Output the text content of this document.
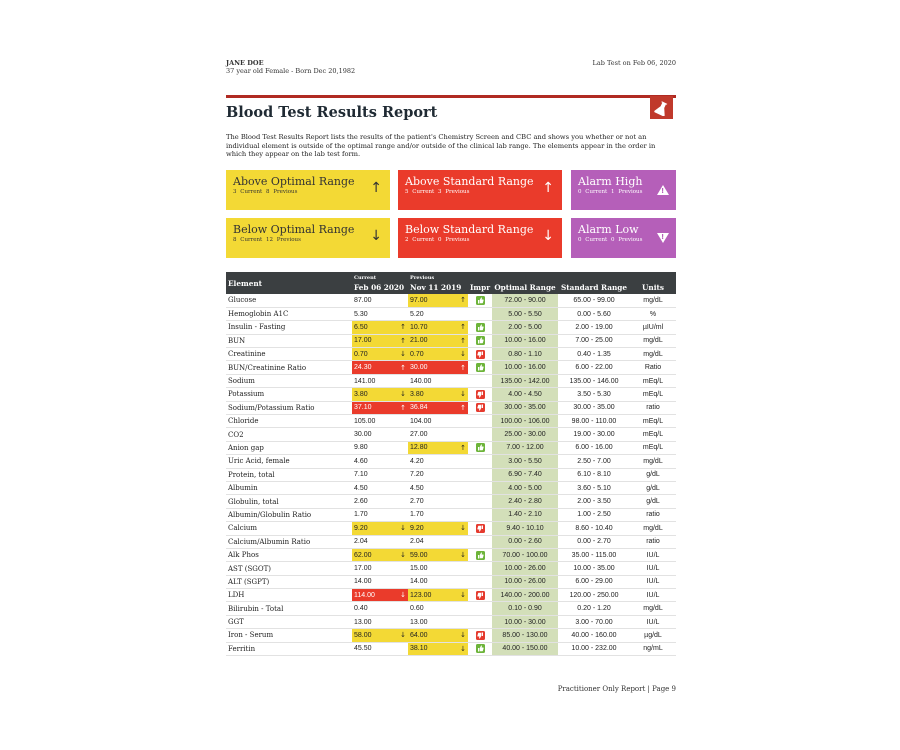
JANE DOE
37 year old Female - Born Dec 20,1982
Lab Test on Feb 06, 2020
Blood Test Results Report
The Blood Test Results Report lists the results of the patient's Chemistry Screen and CBC and shows you whether or not an individual element is outside of the optimal range and/or outside of the clinical lab range. The elements appear in the order in which they appear on the lab test form.
Above Optimal Range
3 Current 8 Previous	↑ Above Standard Range
5 Current 3 Previous	↑ Alarm High
0 Current 1 Previous
!
Below Optimal Range
8 Current 12 Previous	↓ Below Standard Range
2 Current 0 Previous	↓ Alarm Low
0 Current 0 Previous
!
Element	Current	Previous				
	Feb 06 2020	Nov 11 2019	Impr	Optimal Range	Standard Range	Units
Glucose	87.00	97.00 ↑		72.00 - 90.00	65.00 - 99.00	mg/dL
Hemoglobin A1C	5.30	5.20		5.00 - 5.50	0.00 - 5.60	%
Insulin - Fasting	6.50 ↑	10.70 ↑		2.00 - 5.00	2.00 - 19.00	µIU/ml
BUN	17.00 ↑	21.00 ↑		10.00 - 16.00	7.00 - 25.00	mg/dL
Creatinine	0.70 ↓	0.70 ↓		0.80 - 1.10	0.40 - 1.35	mg/dL
BUN/Creatinine Ratio	24.30 ↑	30.00 ↑		10.00 - 16.00	6.00 - 22.00	Ratio
Sodium	141.00	140.00		135.00 - 142.00	135.00 - 146.00	mEq/L
Potassium	3.80 ↓	3.80 ↓		4.00 - 4.50	3.50 - 5.30	mEq/L
Sodium/Potassium Ratio	37.10 ↑	36.84 ↑		30.00 - 35.00	30.00 - 35.00	ratio
Chloride	105.00	104.00		100.00 - 106.00	98.00 - 110.00	mEq/L
CO2	30.00	27.00		25.00 - 30.00	19.00 - 30.00	mEq/L
Anion gap	9.80	12.80 ↑		7.00 - 12.00	6.00 - 16.00	mEq/L
Uric Acid, female	4.60	4.20		3.00 - 5.50	2.50 - 7.00	mg/dL
Protein, total	7.10	7.20		6.90 - 7.40	6.10 - 8.10	g/dL
Albumin	4.50	4.50		4.00 - 5.00	3.60 - 5.10	g/dL
Globulin, total	2.60	2.70		2.40 - 2.80	2.00 - 3.50	g/dL
Albumin/Globulin Ratio	1.70	1.70		1.40 - 2.10	1.00 - 2.50	ratio
Calcium	9.20 ↓	9.20 ↓		9.40 - 10.10	8.60 - 10.40	mg/dL
Calcium/Albumin Ratio	2.04	2.04		0.00 - 2.60	0.00 - 2.70	ratio
Alk Phos	62.00 ↓	59.00 ↓		70.00 - 100.00	35.00 - 115.00	IU/L
AST (SGOT)	17.00	15.00		10.00 - 26.00	10.00 - 35.00	IU/L
ALT (SGPT)	14.00	14.00		10.00 - 26.00	6.00 - 29.00	IU/L
LDH	114.00 ↓	123.00 ↓		140.00 - 200.00	120.00 - 250.00	IU/L
Bilirubin - Total	0.40	0.60		0.10 - 0.90	0.20 - 1.20	mg/dL
GGT	13.00	13.00		10.00 - 30.00	3.00 - 70.00	IU/L
Iron - Serum	58.00 ↓	64.00 ↓		85.00 - 130.00	40.00 - 160.00	µg/dL
Ferritin	45.50	38.10 ↓		40.00 - 150.00	10.00 - 232.00	ng/mL
Practitioner Only Report | Page 9
